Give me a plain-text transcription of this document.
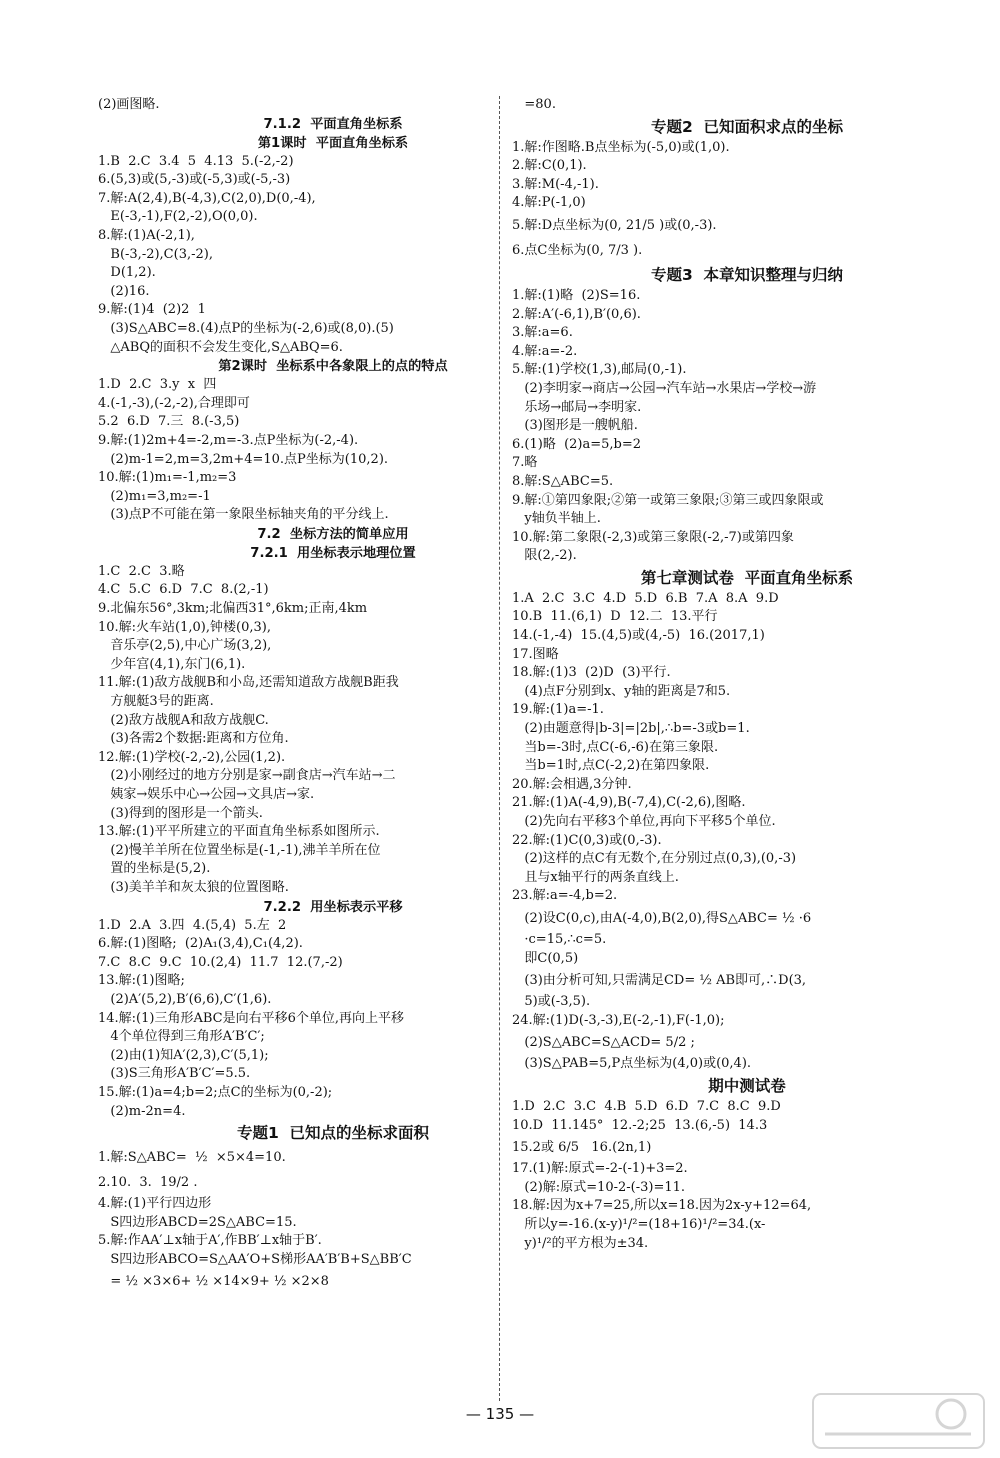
(2)画图略.
7.1.2  平面直角坐标系
第1课时  平面直角坐标系
1.B  2.C  3.4  5  4.13  5.(-2,-2)
6.(5,3)或(5,-3)或(-5,3)或(-5,-3)
7.解:A(2,4),B(-4,3),C(2,0),D(0,-4),
E(-3,-1),F(2,-2),O(0,0).
8.解:(1)A(-2,1),
B(-3,-2),C(3,-2),
D(1,2).
(2)16.
9.解:(1)4  (2)2  1
(3)S△ABC=8.(4)点P的坐标为(-2,6)或(8,0).(5)
△ABQ的面积不会发生变化,S△ABQ=6.
第2课时  坐标系中各象限上的点的特点
1.D  2.C  3.y  x  四
4.(-1,-3),(-2,-2),合理即可
5.2  6.D  7.三  8.(-3,5)
9.解:(1)2m+4=-2,m=-3.点P坐标为(-2,-4).
(2)m-1=2,m=3,2m+4=10.点P坐标为(10,2).
10.解:(1)m₁=-1,m₂=3
(2)m₁=3,m₂=-1
(3)点P不可能在第一象限坐标轴夹角的平分线上.
7.2  坐标方法的简单应用
7.2.1  用坐标表示地理位置
1.C  2.C  3.略
4.C  5.C  6.D  7.C  8.(2,-1)
9.北偏东56°,3km;北偏西31°,6km;正南,4km
10.解:火车站(1,0),钟楼(0,3),
音乐亭(2,5),中心广场(3,2),
少年宫(4,1),东门(6,1).
11.解:(1)敌方战舰B和小岛,还需知道敌方战舰B距我
方舰艇3号的距离.
(2)敌方战舰A和敌方战舰C.
(3)各需2个数据:距离和方位角.
12.解:(1)学校(-2,-2),公园(1,2).
(2)小刚经过的地方分别是家→副食店→汽车站→二
姨家→娱乐中心→公园→文具店→家.
(3)得到的图形是一个箭头.
13.解:(1)平平所建立的平面直角坐标系如图所示.
(2)慢羊羊所在位置坐标是(-1,-1),沸羊羊所在位
置的坐标是(5,2).
(3)美羊羊和灰太狼的位置图略.
7.2.2  用坐标表示平移
1.D  2.A  3.四  4.(5,4)  5.左  2
6.解:(1)图略;  (2)A₁(3,4),C₁(4,2).
7.C  8.C  9.C  10.(2,4)  11.7  12.(7,-2)
13.解:(1)图略;
(2)A′(5,2),B′(6,6),C′(1,6).
14.解:(1)三角形ABC是向右平移6个单位,再向上平移
4个单位得到三角形A′B′C′;
(2)由(1)知A′(2,3),C′(5,1);
(3)S三角形A′B′C′=5.5.
15.解:(1)a=4;b=2;点C的坐标为(0,-2);
(2)m-2n=4.
专题1  已知点的坐标求面积
1.解:S△ABC=  ½  ×5×4=10.
2.10.  3.  19/2 .
4.解:(1)平行四边形
S四边形ABCD=2S△ABC=15.
5.解:作AA′⊥x轴于A′,作BB′⊥x轴于B′.
S四边形ABCO=S△AA′O+S梯形AA′B′B+S△BB′C
= ½ ×3×6+ ½ ×14×9+ ½ ×2×8
=80.
专题2  已知面积求点的坐标
1.解:作图略.B点坐标为(-5,0)或(1,0).
2.解:C(0,1).
3.解:M(-4,-1).
4.解:P(-1,0)
5.解:D点坐标为(0, 21/5 )或(0,-3).
6.点C坐标为(0, 7/3 ).
专题3  本章知识整理与归纳
1.解:(1)略  (2)S=16.
2.解:A′(-6,1),B′(0,6).
3.解:a=6.
4.解:a=-2.
5.解:(1)学校(1,3),邮局(0,-1).
(2)李明家→商店→公园→汽车站→水果店→学校→游
乐场→邮局→李明家.
(3)图形是一艘帆船.
6.(1)略  (2)a=5,b=2
7.略
8.解:S△ABC=5.
9.解:①第四象限;②第一或第三象限;③第三或四象限或
y轴负半轴上.
10.解:第二象限(-2,3)或第三象限(-2,-7)或第四象
限(2,-2).
第七章测试卷  平面直角坐标系
1.A  2.C  3.C  4.D  5.D  6.B  7.A  8.A  9.D
10.B  11.(6,1)  D  12.二  13.平行
14.(-1,-4)  15.(4,5)或(4,-5)  16.(2017,1)
17.图略
18.解:(1)3  (2)D  (3)平行.
(4)点F分别到x、y轴的距离是7和5.
19.解:(1)a=-1.
(2)由题意得|b-3|=|2b|,∴b=-3或b=1.
当b=-3时,点C(-6,-6)在第三象限.
当b=1时,点C(-2,2)在第四象限.
20.解:会相遇,3分钟.
21.解:(1)A(-4,9),B(-7,4),C(-2,6),图略.
(2)先向右平移3个单位,再向下平移5个单位.
22.解:(1)C(0,3)或(0,-3).
(2)这样的点C有无数个,在分别过点(0,3),(0,-3)
且与x轴平行的两条直线上.
23.解:a=-4,b=2.
(2)设C(0,c),由A(-4,0),B(2,0),得S△ABC= ½ ·6
·c=15,∴c=5.
即C(0,5)
(3)由分析可知,只需满足CD= ½ AB即可,∴D(3,
5)或(-3,5).
24.解:(1)D(-3,-3),E(-2,-1),F(-1,0);
(2)S△ABC=S△ACD= 5/2 ;
(3)S△PAB=5,P点坐标为(4,0)或(0,4).
期中测试卷
1.D  2.C  3.C  4.B  5.D  6.D  7.C  8.C  9.D
10.D  11.145°  12.-2;25  13.(6,-5)  14.3
15.2或 6/5   16.(2n,1)
17.(1)解:原式=-2-(-1)+3=2.
(2)解:原式=10-2-(-3)=11.
18.解:因为x+7=25,所以x=18.因为2x-y+12=64,
所以y=-16.(x-y)¹/²=(18+16)¹/²=34.(x-
y)¹/²的平方根为±34.
— 135 —
